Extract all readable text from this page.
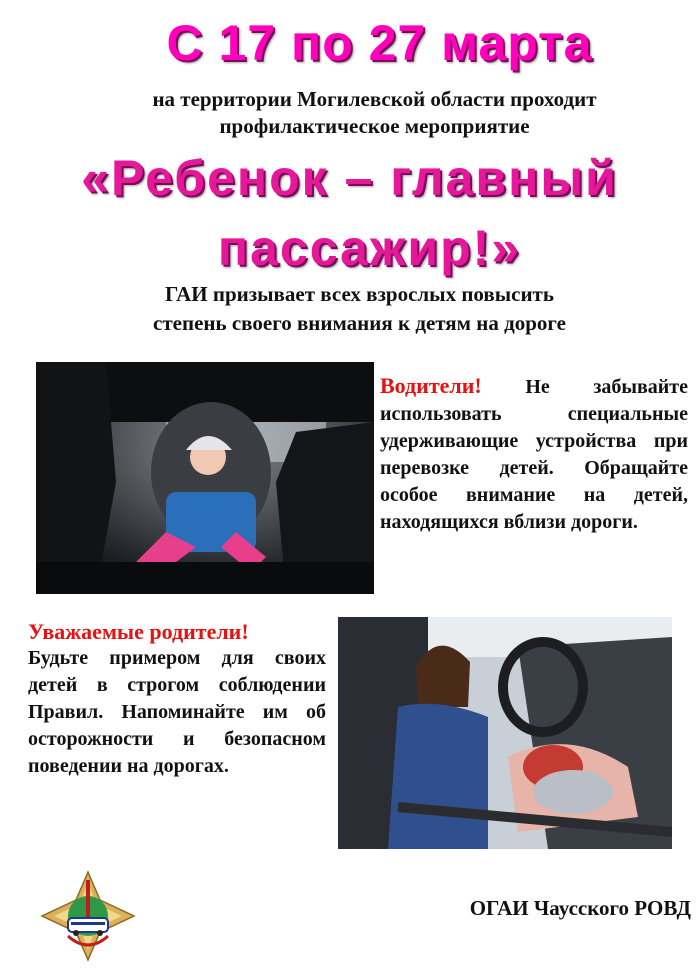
С 17 по 27 марта
на территории Могилевской области проходит
профилактическое мероприятие
«Ребенок – главный
пассажир!»
ГАИ призывает всех взрослых повысить
степень своего внимания к детям на дороге
Водители! Не забывайте использовать специальные удерживающие устройства при перевозке детей. Обращайте особое внимание на детей, находящихся вблизи дороги.
Уважаемые родители!
Будьте примером для своих детей в строгом соблюдении Правил. Напоминайте им об осторожности и безопасном поведении на дорогах.
ОГАИ Чаусского РОВД
